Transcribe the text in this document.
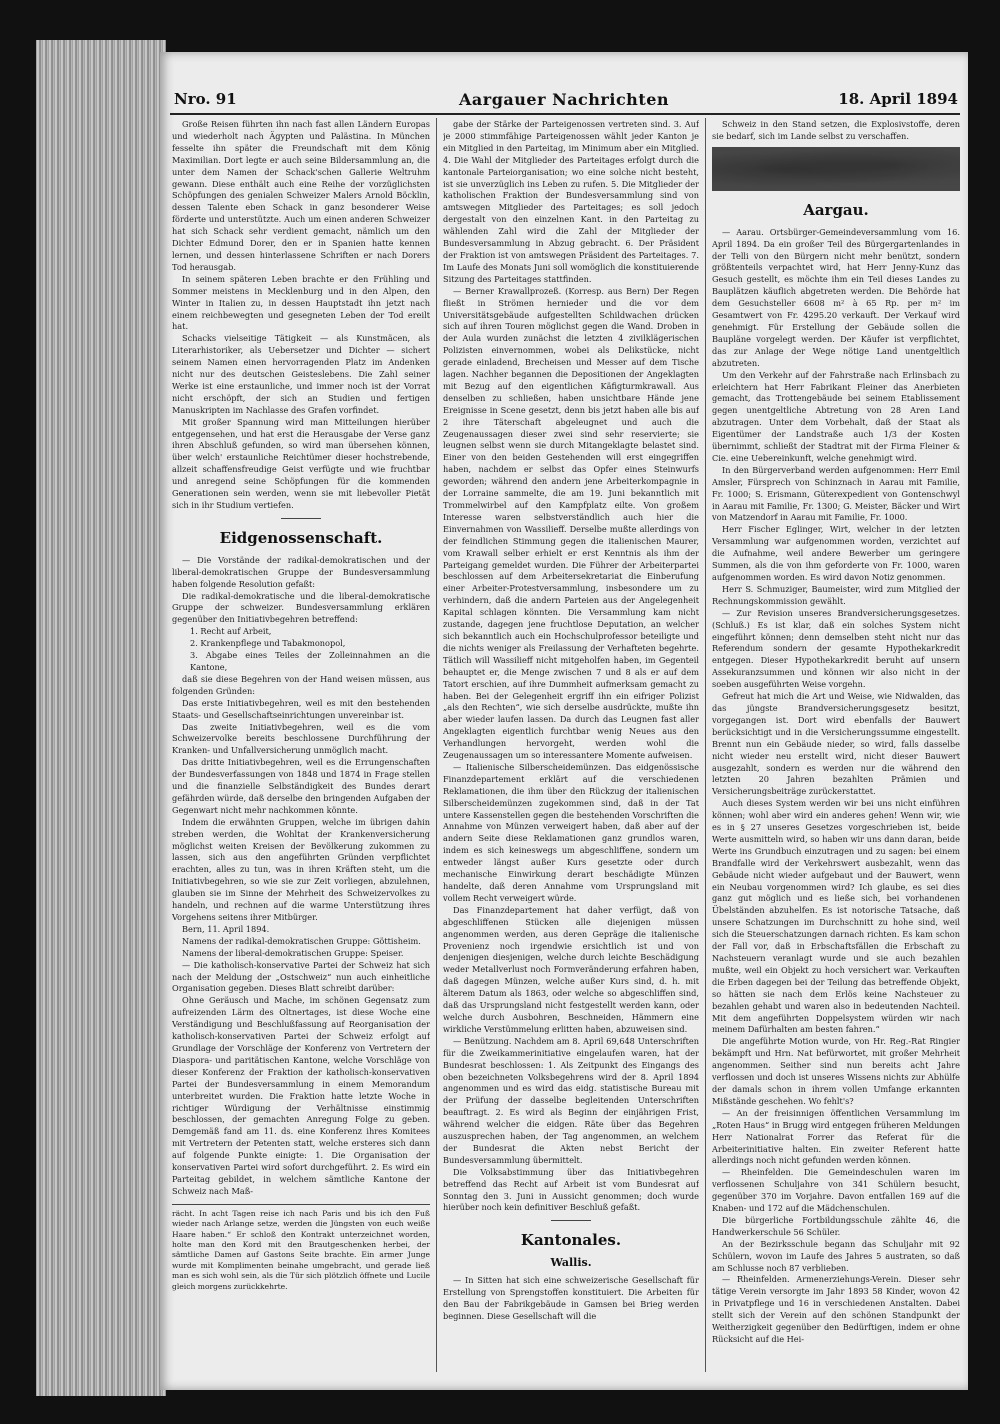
Nro. 91	Aargauer Nachrichten	18. April 1894

Große Reisen führten ihn nach fast allen Ländern Europas und wiederholt nach Ägypten und Palästina. In München fesselte ihn später die Freundschaft mit dem König Maximilian. Dort legte er auch seine Bildersammlung an, die unter dem Namen der Schack'schen Gallerie Weltruhm gewann. Diese enthält auch eine Reihe der vorzüglichsten Schöpfungen des genialen Schweizer Malers Arnold Böcklin, dessen Talente eben Schack in ganz besonderer Weise förderte und unterstützte. Auch um einen anderen Schweizer hat sich Schack sehr verdient gemacht, nämlich um den Dichter Edmund Dorer, den er in Spanien hatte kennen lernen, und dessen hinterlassene Schriften er nach Dorers Tod herausgab.

In seinem späteren Leben brachte er den Frühling und Sommer meistens in Mecklenburg und in den Alpen, den Winter in Italien zu, in dessen Hauptstadt ihn jetzt nach einem reichbewegten und gesegneten Leben der Tod ereilt hat.

Schacks vielseitige Tätigkeit — als Kunstmäcen, als Literarhistoriker, als Uebersetzer und Dichter — sichert seinem Namen einen hervorragenden Platz im Andenken nicht nur des deutschen Geisteslebens. Die Zahl seiner Werke ist eine erstaunliche, und immer noch ist der Vorrat nicht erschöpft, der sich an Studien und fertigen Manuskripten im Nachlasse des Grafen vorfindet.

Mit großer Spannung wird man Mitteilungen hierüber entgegensehen, und hat erst die Herausgabe der Verse ganz ihren Abschluß gefunden, so wird man übersehen können, über welch' erstaunliche Reichtümer dieser hochstrebende, allzeit schaffensfreudige Geist verfügte und wie fruchtbar und anregend seine Schöpfungen für die kommenden Generationen sein werden, wenn sie mit liebevoller Pietät sich in ihr Studium vertiefen.

Eidgenossenschaft.

— Die Vorstände der radikal-demokratischen und der liberal-demokratischen Gruppe der Bundesversammlung haben folgende Resolution gefaßt:

Die radikal-demokratische und die liberal-demokratische Gruppe der schweizer. Bundesversammlung erklären gegenüber den Initiativbegehren betreffend:

1. Recht auf Arbeit,
2. Krankenpflege und Tabakmonopol,
3. Abgabe eines Teiles der Zolleinnahmen an die Kantone,

daß sie diese Begehren von der Hand weisen müssen, aus folgenden Gründen:

Das erste Initiativbegehren, weil es mit den bestehenden Staats- und Gesellschaftseinrichtungen unvereinbar ist.

Das zweite Initiativbegehren, weil es die vom Schweizervolke bereits beschlossene Durchführung der Kranken- und Unfallversicherung unmöglich macht.

Das dritte Initiativbegehren, weil es die Errungenschaften der Bundesverfassungen von 1848 und 1874 in Frage stellen und die finanzielle Selbständigkeit des Bundes derart gefährden würde, daß derselbe den bringenden Aufgaben der Gegenwart nicht mehr nachkommen könnte.

Indem die erwähnten Gruppen, welche im übrigen dahin streben werden, die Wohltat der Krankenversicherung möglichst weiten Kreisen der Bevölkerung zukommen zu lassen, sich aus den angeführten Gründen verpflichtet erachten, alles zu tun, was in ihren Kräften steht, um die Initiativbegehren, so wie sie zur Zeit vorliegen, abzulehnen, glauben sie im Sinne der Mehrheit des Schweizervolkes zu handeln, und rechnen auf die warme Unterstützung ihres Vorgehens seitens ihrer Mitbürger.

Bern, 11. April 1894.

Namens der radikal-demokratischen Gruppe: Göttisheim.

Namens der liberal-demokratischen Gruppe: Speiser.

— Die katholisch-konservative Partei der Schweiz hat sich nach der Meldung der „Ostschweiz“ nun auch einheitliche Organisation gegeben. Dieses Blatt schreibt darüber:

Ohne Geräusch und Mache, im schönen Gegensatz zum aufreizenden Lärm des Oltnertages, ist diese Woche eine Verständigung und Beschlußfassung auf Reorganisation der katholisch-konservativen Partei der Schweiz erfolgt auf Grundlage der Vorschläge der Konferenz von Vertretern der Diaspora- und paritätischen Kantone, welche Vorschläge von dieser Konferenz der Fraktion der katholisch-konservativen Partei der Bundesversammlung in einem Memorandum unterbreitet wurden. Die Fraktion hatte letzte Woche in richtiger Würdigung der Verhältnisse einstimmig beschlossen, der gemachten Anregung Folge zu geben. Demgemäß fand am 11. ds. eine Konferenz ihres Komitees mit Vertretern der Petenten statt, welche ersteres sich dann auf folgende Punkte einigte: 1. Die Organisation der konservativen Partei wird sofort durchgeführt. 2. Es wird ein Parteitag gebildet, in welchem sämtliche Kantone der Schweiz nach Maß-

rächt. In acht Tagen reise ich nach Paris und bis ich den Fuß wieder nach Arlange setze, werden die Jüngsten von euch weiße Haare haben.“ Er schloß den Kontrakt unterzeichnet worden, holte man den Kord mit den Brautgeschenken herbei, der sämtliche Damen auf Gastons Seite brachte. Ein armer Junge wurde mit Komplimenten beinahe umgebracht, und gerade ließ man es sich wohl sein, als die Tür sich plötzlich öffnete und Lucile gleich morgens zurückkehrte.

gabe der Stärke der Parteigenossen vertreten sind. 3. Auf je 2000 stimmfähige Parteigenossen wählt jeder Kanton je ein Mitglied in den Parteitag, im Minimum aber ein Mitglied. 4. Die Wahl der Mitglieder des Parteitages erfolgt durch die kantonale Parteiorganisation; wo eine solche nicht besteht, ist sie unverzüglich ins Leben zu rufen. 5. Die Mitglieder der katholischen Fraktion der Bundesversammlung sind von amtswegen Mitglieder des Parteitages; es soll jedoch dergestalt von den einzelnen Kant. in den Parteitag zu wählenden Zahl wird die Zahl der Mitglieder der Bundesversammlung in Abzug gebracht. 6. Der Präsident der Fraktion ist von amtswegen Präsident des Parteitages. 7. Im Laufe des Monats Juni soll womöglich die konstituierende Sitzung des Parteitages stattfinden.

— Berner Krawallprozeß. (Korresp. aus Bern) Der Regen fließt in Strömen hernieder und die vor dem Universitätsgebäude aufgestellten Schildwachen drücken sich auf ihren Touren möglichst gegen die Wand. Droben in der Aula wurden zunächst die letzten 4 zivilklägerischen Polizisten einvernommen, wobei als Delikstücke, nicht gerade einladend, Brecheisen und Messer auf dem Tische lagen. Nachher begannen die Depositionen der Angeklagten mit Bezug auf den eigentlichen Käfigturmkrawall. Aus denselben zu schließen, haben unsichtbare Hände jene Ereignisse in Scene gesetzt, denn bis jetzt haben alle bis auf 2 ihre Täterschaft abgeleugnet und auch die Zeugenaussagen dieser zwei sind sehr reservierte; sie leugnen selbst wenn sie durch Mitangeklagte belastet sind. Einer von den beiden Gestehenden will erst eingegriffen haben, nachdem er selbst das Opfer eines Steinwurfs geworden; während den andern jene Arbeiterkompagnie in der Lorraine sammelte, die am 19. Juni bekanntlich mit Trommelwirbel auf den Kampfplatz eilte. Von großem Interesse waren selbstverständlich auch hier die Einvernahmen von Wassilieff. Derselbe mußte allerdings von der feindlichen Stimmung gegen die italienischen Maurer, vom Krawall selber erhielt er erst Kenntnis als ihm der Parteigang gemeldet wurden. Die Führer der Arbeiterpartei beschlossen auf dem Arbeitersekretariat die Einberufung einer Arbeiter-Protestversammlung, insbesondere um zu verhindern, daß die andern Parteien aus der Angelegenheit Kapital schlagen könnten. Die Versammlung kam nicht zustande, dagegen jene fruchtlose Deputation, an welcher sich bekanntlich auch ein Hochschulprofessor beteiligte und die nichts weniger als Freilassung der Verhafteten begehrte. Tätlich will Wassilieff nicht mitgeholfen haben, im Gegenteil behauptet er, die Menge zwischen 7 und 8 als er auf dem Tatort erschien, auf ihre Dummheit aufmerksam gemacht zu haben. Bei der Gelegenheit ergriff ihn ein eifriger Polizist „als den Rechten“, wie sich derselbe ausdrückte, mußte ihn aber wieder laufen lassen. Da durch das Leugnen fast aller Angeklagten eigentlich furchtbar wenig Neues aus den Verhandlungen hervorgeht, werden wohl die Zeugenaussagen um so interessantere Momente aufweisen.

— Italienische Silberscheidemünzen. Das eidgenössische Finanzdepartement erklärt auf die verschiedenen Reklamationen, die ihm über den Rückzug der italienischen Silberscheidemünzen zugekommen sind, daß in der Tat untere Kassenstellen gegen die bestehenden Vorschriften die Annahme von Münzen verweigert haben, daß aber auf der andern Seite diese Reklamationen ganz grundlos waren, indem es sich keineswegs um abgeschliffene, sondern um entweder längst außer Kurs gesetzte oder durch mechanische Einwirkung derart beschädigte Münzen handelte, daß deren Annahme vom Ursprungsland mit vollem Recht verweigert würde.

Das Finanzdepartement hat daher verfügt, daß von abgeschliffenen Stücken alle diejenigen müssen angenommen werden, aus deren Gepräge die italienische Provenienz noch irgendwie ersichtlich ist und von denjenigen diesjenigen, welche durch leichte Beschädigung weder Metallverlust noch Formveränderung erfahren haben, daß dagegen Münzen, welche außer Kurs sind, d. h. mit älterem Datum als 1863, oder welche so abgeschliffen sind, daß das Ursprungsland nicht festgestellt werden kann, oder welche durch Ausbohren, Beschneiden, Hämmern eine wirkliche Verstümmelung erlitten haben, abzuweisen sind.

— Benützung. Nachdem am 8. April 69,648 Unterschriften für die Zweikammerinitiative eingelaufen waren, hat der Bundesrat beschlossen: 1. Als Zeitpunkt des Eingangs des oben bezeichneten Volksbegehrens wird der 8. April 1894 angenommen und es wird das eidg. statistische Bureau mit der Prüfung der dasselbe begleitenden Unterschriften beauftragt. 2. Es wird als Beginn der einjährigen Frist, während welcher die eidgen. Räte über das Begehren auszusprechen haben, der Tag angenommen, an welchem der Bundesrat die Akten nebst Bericht der Bundesversammlung übermittelt.

Die Volksabstimmung über das Initiativbegehren betreffend das Recht auf Arbeit ist vom Bundesrat auf Sonntag den 3. Juni in Aussicht genommen; doch wurde hierüber noch kein definitiver Beschluß gefaßt.

Kantonales.
Wallis.

— In Sitten hat sich eine schweizerische Gesellschaft für Erstellung von Sprengstoffen konstituiert. Die Arbeiten für den Bau der Fabrikgebäude in Gamsen bei Brieg werden beginnen. Diese Gesellschaft will die

Schweiz in den Stand setzen, die Explosivstoffe, deren sie bedarf, sich im Lande selbst zu verschaffen.

Aargau.

— Aarau. Ortsbürger-Gemeindeversammlung vom 16. April 1894. Da ein großer Teil des Bürgergartenlandes in der Telli von den Bürgern nicht mehr benützt, sondern größtenteils verpachtet wird, hat Herr Jenny-Kunz das Gesuch gestellt, es möchte ihm ein Teil dieses Landes zu Bauplätzen käuflich abgetreten werden. Die Behörde hat dem Gesuchsteller 6608 m² à 65 Rp. per m² im Gesamtwert von Fr. 4295.20 verkauft. Der Verkauf wird genehmigt. Für Erstellung der Gebäude sollen die Baupläne vorgelegt werden. Der Käufer ist verpflichtet, das zur Anlage der Wege nötige Land unentgeltlich abzutreten.

Um den Verkehr auf der Fahrstraße nach Erlinsbach zu erleichtern hat Herr Fabrikant Fleiner das Anerbieten gemacht, das Trottengebäude bei seinem Etablissement gegen unentgeltliche Abtretung von 28 Aren Land abzutragen. Unter dem Vorbehalt, daß der Staat als Eigentümer der Landstraße auch 1/3 der Kosten übernimmt, schließt der Stadtrat mit der Firma Fleiner & Cie. eine Uebereinkunft, welche genehmigt wird.

In den Bürgerverband werden aufgenommen: Herr Emil Amsler, Fürsprech von Schinznach in Aarau mit Familie, Fr. 1000; S. Erismann, Güterexpedient von Gontenschwyl in Aarau mit Familie, Fr. 1300; G. Meister, Bäcker und Wirt von Matzendorf in Aarau mit Familie, Fr. 1000.

Herr Fischer Eglinger, Wirt, welcher in der letzten Versammlung war aufgenommen worden, verzichtet auf die Aufnahme, weil andere Bewerber um geringere Summen, als die von ihm geforderte von Fr. 1000, waren aufgenommen worden. Es wird davon Notiz genommen.

Herr S. Schmuziger, Baumeister, wird zum Mitglied der Rechnungskommission gewählt.

— Zur Revision unseres Brandversicherungsgesetzes. (Schluß.) Es ist klar, daß ein solches System nicht eingeführt können; denn demselben steht nicht nur das Referendum sondern der gesamte Hypothekarkredit entgegen. Dieser Hypothekarkredit beruht auf unsern Assekuranzsummen und können wir also nicht in der soeben ausgeführten Weise vorgehn.

Gefreut hat mich die Art und Weise, wie Nidwalden, das das jüngste Brandversicherungsgesetz besitzt, vorgegangen ist. Dort wird ebenfalls der Bauwert berücksichtigt und in die Versicherungssumme eingestellt. Brennt nun ein Gebäude nieder, so wird, falls dasselbe nicht wieder neu erstellt wird, nicht dieser Bauwert ausgezahlt, sondern es werden nur die während den letzten 20 Jahren bezahlten Prämien und Versicherungsbeiträge zurückerstattet.

Auch dieses System werden wir bei uns nicht einführen können; wohl aber wird ein anderes gehen! Wenn wir, wie es in § 27 unseres Gesetzes vorgeschrieben ist, beide Werte ausmitteln wird, so haben wir uns dann daran, beide Werte ins Grundbuch einzutragen und zu sagen: bei einem Brandfalle wird der Verkehrswert ausbezahlt, wenn das Gebäude nicht wieder aufgebaut und der Bauwert, wenn ein Neubau vorgenommen wird? Ich glaube, es sei dies ganz gut möglich und es ließe sich, bei vorhandenen Übelständen abzuhelfen. Es ist notorische Tatsache, daß unsere Schatzungen im Durchschnitt zu hohe sind, weil sich die Steuerschatzungen darnach richten. Es kam schon der Fall vor, daß in Erbschaftsfällen die Erbschaft zu Nachsteuern veranlagt wurde und sie auch bezahlen mußte, weil ein Objekt zu hoch versichert war. Verkauften die Erben dagegen bei der Teilung das betreffende Objekt, so hätten sie nach dem Erlös keine Nachsteuer zu bezahlen gehabt und waren also in bedeutenden Nachteil. Mit dem angeführten Doppelsystem würden wir nach meinem Dafürhalten am besten fahren.“

Die angeführte Motion wurde, von Hr. Reg.-Rat Ringier bekämpft und Hrn. Nat befürwortet, mit großer Mehrheit angenommen. Seither sind nun bereits acht Jahre verflossen und doch ist unseres Wissens nichts zur Abhülfe der damals schon in ihrem vollen Umfange erkannten Mißstände geschehen. Wo fehlt's?

— An der freisinnigen öffentlichen Versammlung im „Roten Haus“ in Brugg wird entgegen früheren Meldungen Herr Nationalrat Forrer das Referat für die Arbeiterinitiative halten. Ein zweiter Referent hatte allerdings noch nicht gefunden werden können.

— Rheinfelden. Die Gemeindeschulen waren im verflossenen Schuljahre von 341 Schülern besucht, gegenüber 370 im Vorjahre. Davon entfallen 169 auf die Knaben- und 172 auf die Mädchenschulen.

Die bürgerliche Fortbildungsschule zählte 46, die Handwerkerschule 56 Schüler.

An der Bezirksschule begann das Schuljahr mit 92 Schülern, wovon im Laufe des Jahres 5 austraten, so daß am Schlusse noch 87 verblieben.

— Rheinfelden. Armenerziehungs-Verein. Dieser sehr tätige Verein versorgte im Jahr 1893 58 Kinder, wovon 42 in Privatpflege und 16 in verschiedenen Anstalten. Dabei stellt sich der Verein auf den schönen Standpunkt der Weitherzigkeit gegenüber den Bedürftigen, indem er ohne Rücksicht auf die Hei-
